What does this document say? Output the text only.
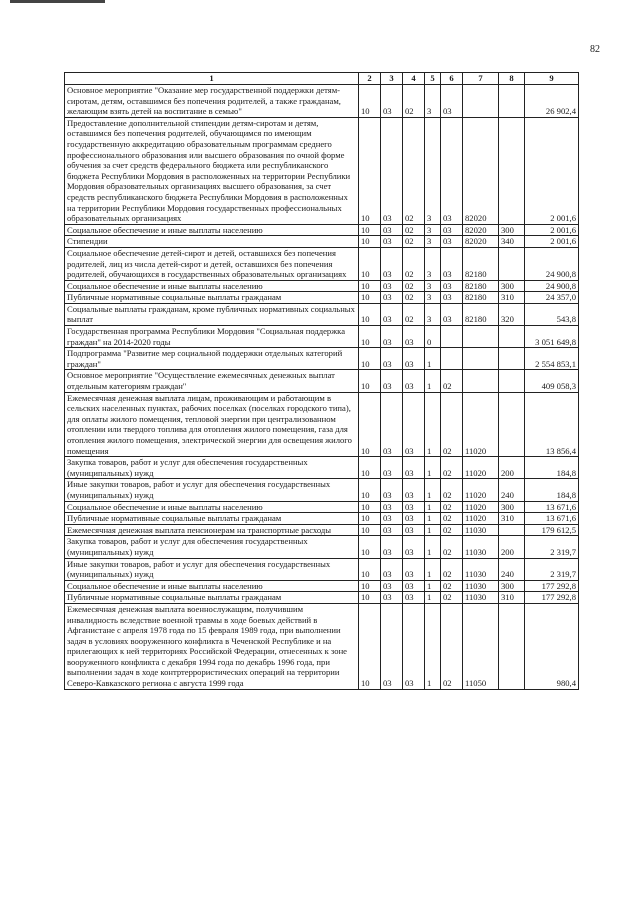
82
1	2	3	4	5	6	7	8	9
Основное мероприятие "Оказание мер государственной поддержки детям-сиротам, детям, оставшимся без попечения родителей, а также гражданам, желающим взять детей на воспитание в семью"	10	03	02	3	03			26 902,4
Предоставление дополнительной стипендии детям-сиротам и детям, оставшимся без попечения родителей, обучающимся по имеющим государственную аккредитацию образовательным программам среднего профессионального образования или высшего образования по очной форме обучения за счет средств федерального бюджета или республиканского бюджета Республики Мордовия в расположенных на территории Республики Мордовия образовательных организациях высшего образования, за счет средств республиканского бюджета Республики Мордовия в расположенных на территории Республики Мордовия государственных профессиональных образовательных организациях	10	03	02	3	03	82020		2 001,6
Социальное обеспечение и иные выплаты населению	10	03	02	3	03	82020	300	2 001,6
Стипендии	10	03	02	3	03	82020	340	2 001,6
Социальное обеспечение детей-сирот и детей, оставшихся без попечения родителей, лиц из числа детей-сирот и детей, оставшихся без попечения родителей, обучающихся в государственных образовательных организациях	10	03	02	3	03	82180		24 900,8
Социальное обеспечение и иные выплаты населению	10	03	02	3	03	82180	300	24 900,8
Публичные нормативные социальные выплаты гражданам	10	03	02	3	03	82180	310	24 357,0
Социальные выплаты гражданам, кроме публичных нормативных социальных выплат	10	03	02	3	03	82180	320	543,8
Государственная программа Республики Мордовия "Социальная поддержка граждан" на 2014-2020 годы	10	03	03	0				3 051 649,8
Подпрограмма "Развитие мер социальной поддержки отдельных категорий граждан"	10	03	03	1				2 554 853,1
Основное мероприятие "Осуществление ежемесячных денежных выплат отдельным категориям граждан"	10	03	03	1	02			409 058,3
Ежемесячная денежная выплата лицам, проживающим и работающим в сельских населенных пунктах, рабочих поселках (поселках городского типа), для оплаты жилого помещения, тепловой энергии при централизованном отоплении или твердого топлива для отопления жилого помещения, газа для отопления жилого помещения, электрической энергии для освещения жилого помещения	10	03	03	1	02	11020		13 856,4
Закупка товаров, работ и услуг для обеспечения государственных (муниципальных) нужд	10	03	03	1	02	11020	200	184,8
Иные закупки товаров, работ и услуг для обеспечения государственных (муниципальных) нужд	10	03	03	1	02	11020	240	184,8
Социальное обеспечение и иные выплаты населению	10	03	03	1	02	11020	300	13 671,6
Публичные нормативные социальные выплаты гражданам	10	03	03	1	02	11020	310	13 671,6
Ежемесячная денежная выплата пенсионерам на транспортные расходы	10	03	03	1	02	11030		179 612,5
Закупка товаров, работ и услуг для обеспечения государственных (муниципальных) нужд	10	03	03	1	02	11030	200	2 319,7
Иные закупки товаров, работ и услуг для обеспечения государственных (муниципальных) нужд	10	03	03	1	02	11030	240	2 319,7
Социальное обеспечение и иные выплаты населению	10	03	03	1	02	11030	300	177 292,8
Публичные нормативные социальные выплаты гражданам	10	03	03	1	02	11030	310	177 292,8
Ежемесячная денежная выплата военнослужащим, получившим инвалидность вследствие военной травмы в ходе боевых действий в Афганистане с апреля 1978 года по 15 февраля 1989 года, при выполнении задач в условиях вооруженного конфликта в Чеченской Республике и на прилегающих к ней территориях Российской Федерации, отнесенных к зоне вооруженного конфликта с декабря 1994 года по декабрь 1996 года, при выполнении задач в ходе контртеррористических операций на территории Северо-Кавказского региона с августа 1999 года	10	03	03	1	02	11050		980,4
